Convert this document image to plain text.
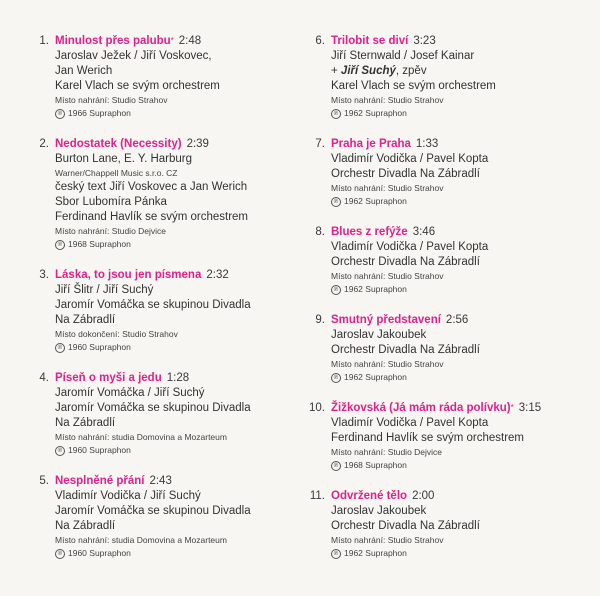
1. Minulost přes palubu* 2:48
Jaroslav Ježek / Jiří Voskovec,
Jan Werich
Karel Vlach se svým orchestrem
Místo nahrání: Studio Strahov
℗ 1966 Supraphon
2. Nedostatek (Necessity) 2:39
Burton Lane, E. Y. Harburg
Warner/Chappell Music s.r.o. CZ
český text Jiří Voskovec a Jan Werich
Sbor Lubomíra Pánka
Ferdinand Havlík se svým orchestrem
Místo nahrání: Studio Dejvice
℗ 1968 Supraphon
3. Láska, to jsou jen písmena 2:32
Jiří Šlitr / Jiří Suchý
Jaromír Vomáčka se skupinou Divadla
Na Zábradlí
Místo dokončení: Studio Strahov
℗ 1960 Supraphon
4. Píseň o myši a jedu 1:28
Jaromír Vomáčka / Jiří Suchý
Jaromír Vomáčka se skupinou Divadla
Na Zábradlí
Místo nahrání: studia Domovina a Mozarteum
℗ 1960 Supraphon
5. Nesplněné přání 2:43
Vladimír Vodička / Jiří Suchý
Jaromír Vomáčka se skupinou Divadla
Na Zábradlí
Místo nahrání: studia Domovina a Mozarteum
℗ 1960 Supraphon
6. Trilobit se diví 3:23
Jiří Sternwald / Josef Kainar
+ Jiří Suchý, zpěv
Karel Vlach se svým orchestrem
Místo nahrání: Studio Strahov
℗ 1962 Supraphon
7. Praha je Praha 1:33
Vladimír Vodička / Pavel Kopta
Orchestr Divadla Na Zábradlí
Místo nahrání: Studio Strahov
℗ 1962 Supraphon
8. Blues z refýže 3:46
Vladimír Vodička / Pavel Kopta
Orchestr Divadla Na Zábradlí
Místo nahrání: Studio Strahov
℗ 1962 Supraphon
9. Smutný představení 2:56
Jaroslav Jakoubek
Orchestr Divadla Na Zábradlí
Místo nahrání: Studio Strahov
℗ 1962 Supraphon
10. Žižkovská (Já mám ráda polívku)* 3:15
Vladimír Vodička / Pavel Kopta
Ferdinand Havlík se svým orchestrem
Místo nahrání: Studio Dejvice
℗ 1968 Supraphon
11. Odvržené tělo 2:00
Jaroslav Jakoubek
Orchestr Divadla Na Zábradlí
Místo nahrání: Studio Strahov
℗ 1962 Supraphon
